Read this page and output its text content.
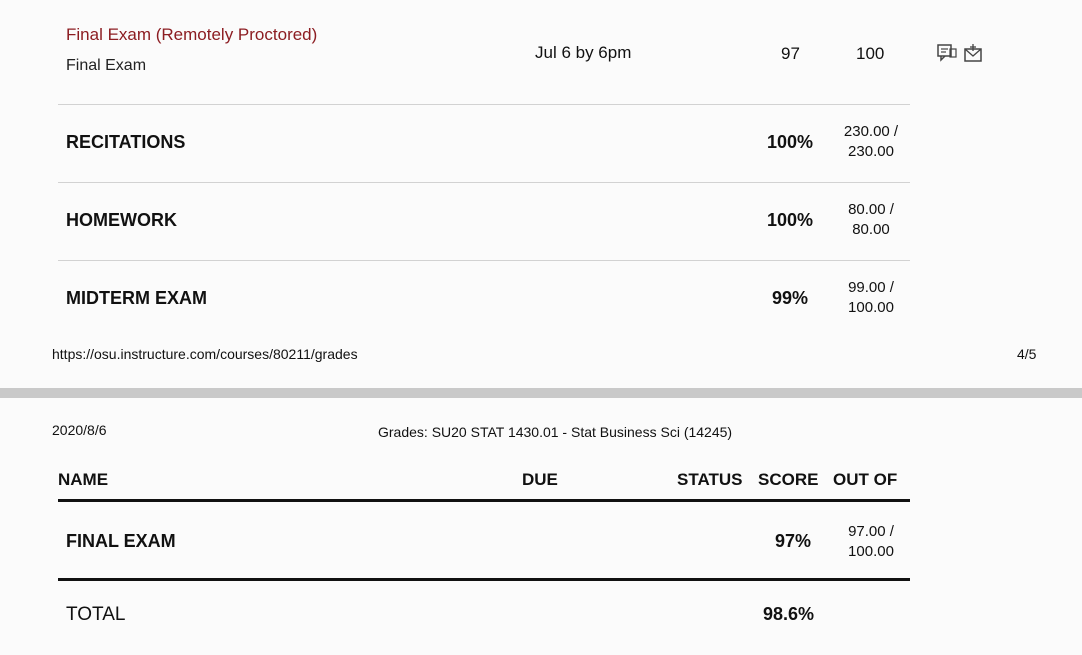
Final Exam (Remotely Proctored)
Final Exam
Jul 6 by 6pm	97	100
RECITATIONS	100%
230.00 /
230.00
HOMEWORK	100%
80.00 /
80.00
MIDTERM EXAM	99%
99.00 /
100.00
https://osu.instructure.com/courses/80211/grades	4/5
2020/8/6	Grades: SU20 STAT 1430.01 - Stat Business Sci (14245)
NAME	DUE	STATUS SCORE OUT OF
FINAL EXAM	97%	97.00 /
100.00
TOTAL	98.6%
